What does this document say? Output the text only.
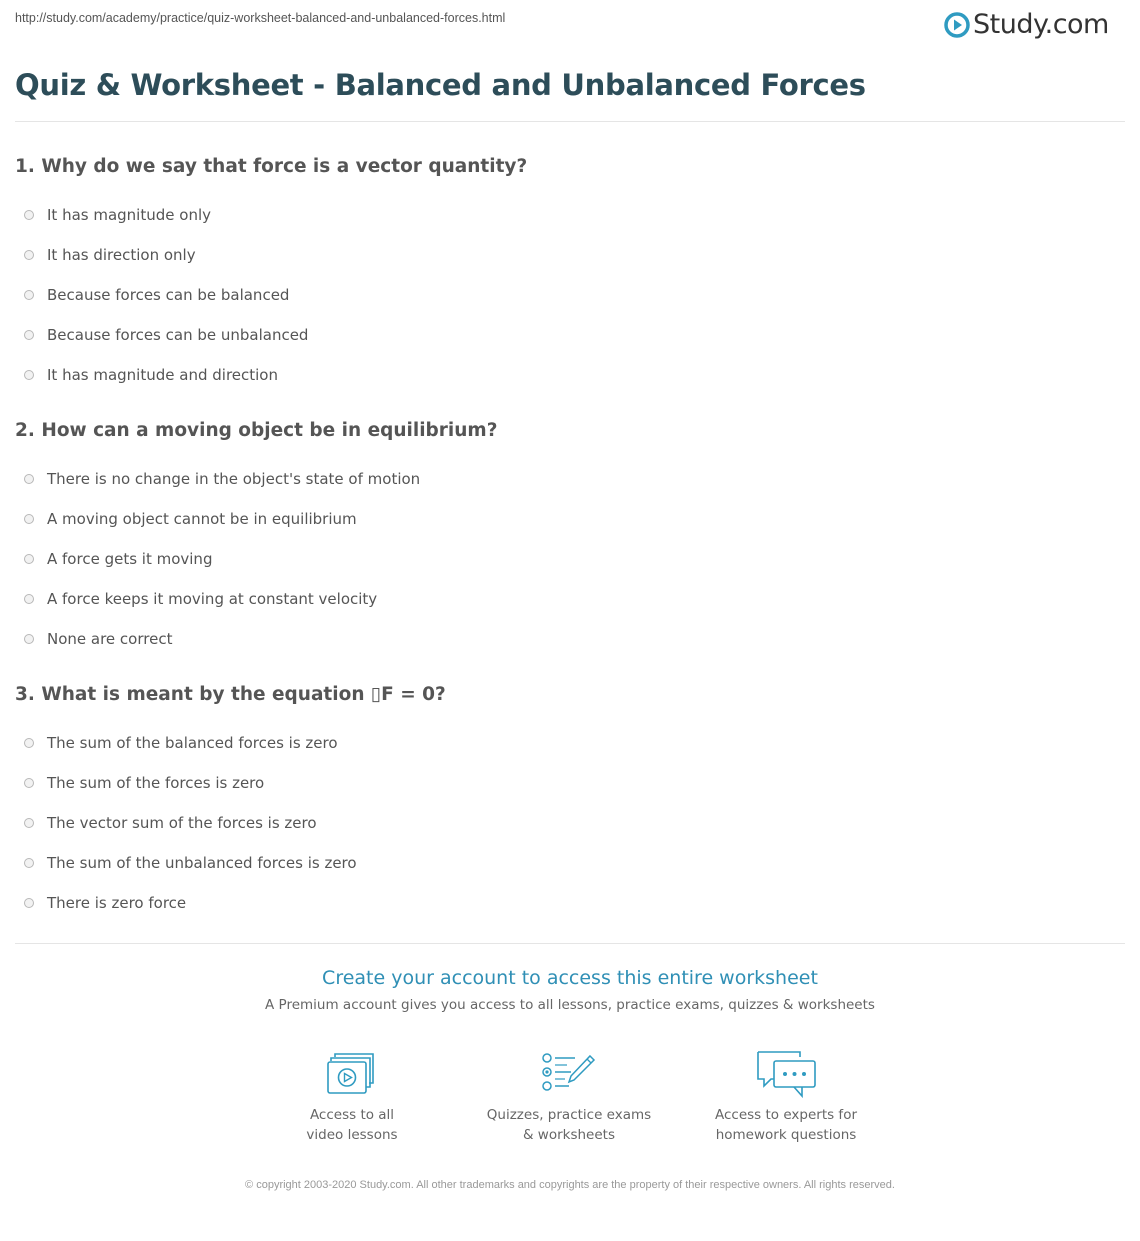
http://study.com/academy/practice/quiz-worksheet-balanced-and-unbalanced-forces.html	Study.com
Quiz & Worksheet - Balanced and Unbalanced Forces

1. Why do we say that force is a vector quantity?

It has magnitude only
It has direction only
Because forces can be balanced
Because forces can be unbalanced
It has magnitude and direction

2. How can a moving object be in equilibrium?

There is no change in the object's state of motion
A moving object cannot be in equilibrium
A force gets it moving
A force keeps it moving at constant velocity
None are correct

3. What is meant by the equation ▯F = 0?

The sum of the balanced forces is zero
The sum of the forces is zero
The vector sum of the forces is zero
The sum of the unbalanced forces is zero
There is zero force
Create your account to access this entire worksheet
A Premium account gives you access to all lessons, practice exams, quizzes & worksheets
Access to all
video lessons
Quizzes, practice exams
& worksheets
Access to experts for
homework questions
© copyright 2003-2020 Study.com. All other trademarks and copyrights are the property of their respective owners. All rights reserved.
